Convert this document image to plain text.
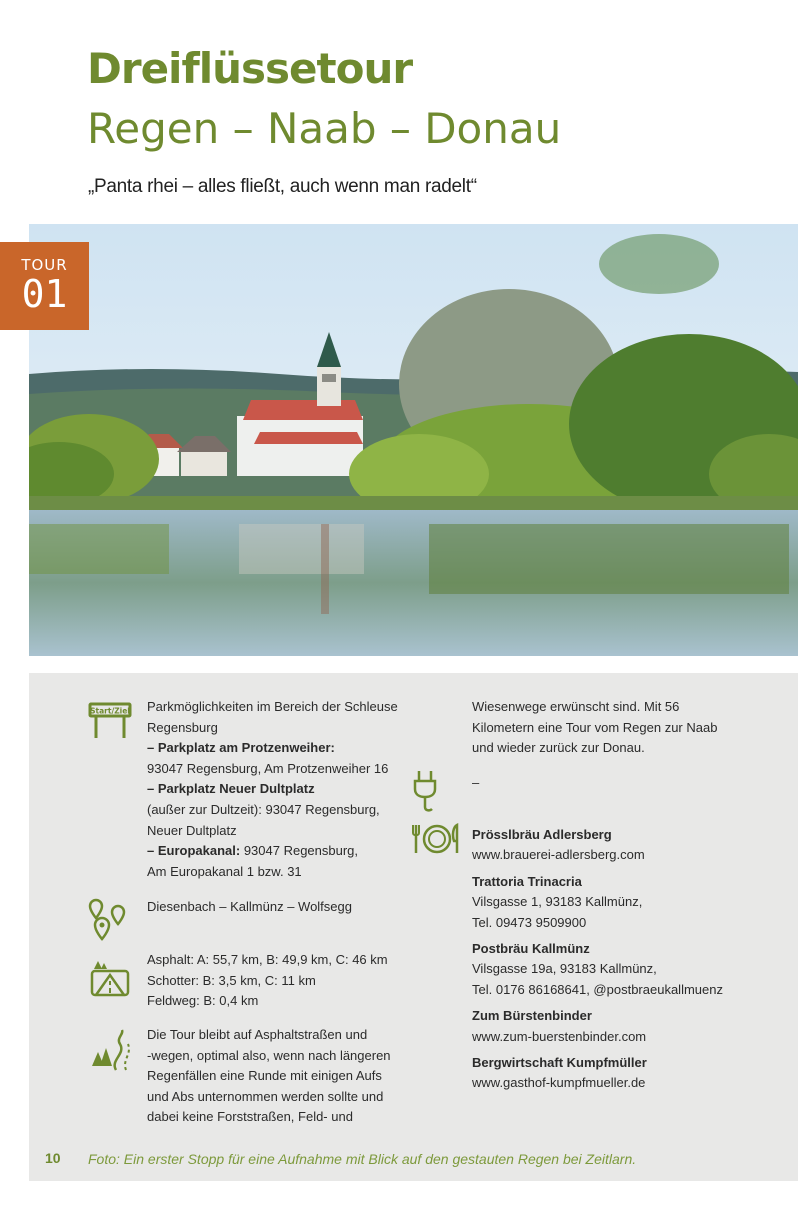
Dreiflüssetour
Regen – Naab – Donau
„Panta rhei – alles fließt, auch wenn man radelt“
TOUR
01
Start/Ziel Parkmöglichkeiten im Bereich der Schleuse
Regensburg
– Parkplatz am Protzenweiher:
93047 Regensburg, Am Protzenweiher 16
– Parkplatz Neuer Dultplatz
(außer zur Dultzeit): 93047 Regensburg,
Neuer Dultplatz
– Europakanal: 93047 Regensburg,
Am Europakanal 1 bzw. 31
Diesenbach – Kallmünz – Wolfsegg
Asphalt: A: 55,7 km, B: 49,9 km, C: 46 km
Schotter: B: 3,5 km, C: 11 km
Feldweg: B: 0,4 km
Die Tour bleibt auf Asphaltstraßen und
-wegen, optimal also, wenn nach längeren
Regenfällen eine Runde mit einigen Aufs
und Abs unternommen werden sollte und
dabei keine Forststraßen, Feld- und
Wiesenwege erwünscht sind. Mit 56
Kilometern eine Tour vom Regen zur Naab
und wieder zurück zur Donau.
–
Prösslbräu Adlersberg
www.brauerei-adlersberg.com
Trattoria Trinacria
Vilsgasse 1, 93183 Kallmünz,
Tel. 09473 9509900
Postbräu Kallmünz
Vilsgasse 19a, 93183 Kallmünz,
Tel. 0176 86168641, @postbraeukallmuenz
Zum Bürstenbinder
www.zum-buerstenbinder.com
Bergwirtschaft Kumpfmüller
www.gasthof-kumpfmueller.de
10 Foto: Ein erster Stopp für eine Aufnahme mit Blick auf den gestauten Regen bei Zeitlarn.
